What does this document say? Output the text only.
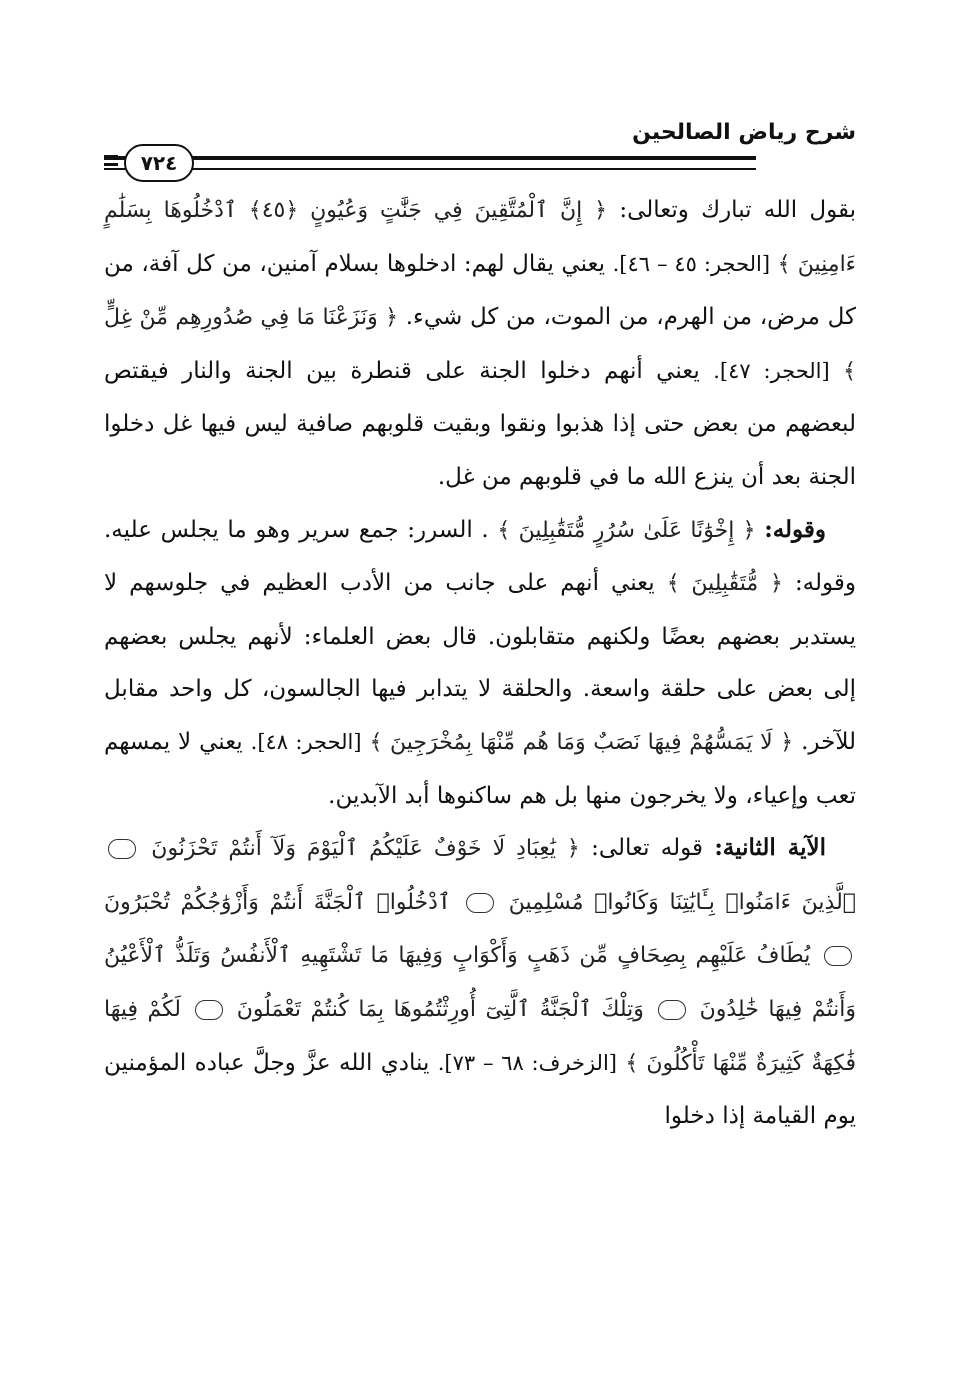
شرح رياض الصالحين
٧٢٤

بقول الله تبارك وتعالى: ﴿ إِنَّ ٱلْمُتَّقِينَ فِي جَنَّٰتٍ وَعُيُونٍ ﴿٤٥﴾ ٱدْخُلُوهَا بِسَلَٰمٍ ءَامِنِينَ ﴾ [الحجر: ٤٥ – ٤٦]. يعني يقال لهم: ادخلوها بسلام آمنين، من كل آفة، من كل مرض، من الهرم، من الموت، من كل شيء. ﴿ وَنَزَعْنَا مَا فِي صُدُورِهِم مِّنْ غِلٍّ ﴾ [الحجر: ٤٧]. يعني أنهم دخلوا الجنة على قنطرة بين الجنة والنار فيقتص لبعضهم من بعض حتى إذا هذبوا ونقوا وبقيت قلوبهم صافية ليس فيها غل دخلوا الجنة بعد أن ينزع الله ما في قلوبهم من غل.

وقوله: ﴿ إِخْوَٰنًا عَلَىٰ سُرُرٍ مُّتَقَٰبِلِينَ ﴾ . السرر: جمع سرير وهو ما يجلس عليه. وقوله: ﴿ مُّتَقَٰبِلِينَ ﴾ يعني أنهم على جانب من الأدب العظيم في جلوسهم لا يستدبر بعضهم بعضًا ولكنهم متقابلون. قال بعض العلماء: لأنهم يجلس بعضهم إلى بعض على حلقة واسعة. والحلقة لا يتدابر فيها الجالسون، كل واحد مقابل للآخر. ﴿ لَا يَمَسُّهُمْ فِيهَا نَصَبٌ وَمَا هُم مِّنْهَا بِمُخْرَجِينَ ﴾ [الحجر: ٤٨]. يعني لا يمسهم تعب وإعياء، ولا يخرجون منها بل هم ساكنوها أبد الآبدين.

الآية الثانية: قوله تعالى: ﴿ يَٰعِبَادِ لَا خَوْفٌ عَلَيْكُمُ ٱلْيَوْمَ وَلَآ أَنتُمْ تَحْزَنُونَ  ٱلَّذِينَ ءَامَنُوا۟ بِـَٔايَٰتِنَا وَكَانُوا۟ مُسْلِمِينَ  ٱدْخُلُوا۟ ٱلْجَنَّةَ أَنتُمْ وَأَزْوَٰجُكُمْ تُحْبَرُونَ  يُطَافُ عَلَيْهِم بِصِحَافٍ مِّن ذَهَبٍ وَأَكْوَابٍ وَفِيهَا مَا تَشْتَهِيهِ ٱلْأَنفُسُ وَتَلَذُّ ٱلْأَعْيُنُ وَأَنتُمْ فِيهَا خَٰلِدُونَ  وَتِلْكَ ٱلْجَنَّةُ ٱلَّتِىٓ أُورِثْتُمُوهَا بِمَا كُنتُمْ تَعْمَلُونَ  لَكُمْ فِيهَا فَٰكِهَةٌ كَثِيرَةٌ مِّنْهَا تَأْكُلُونَ ﴾ [الزخرف: ٦٨ – ٧٣]. ينادي الله عزَّ وجلَّ عباده المؤمنين يوم القيامة إذا دخلوا
